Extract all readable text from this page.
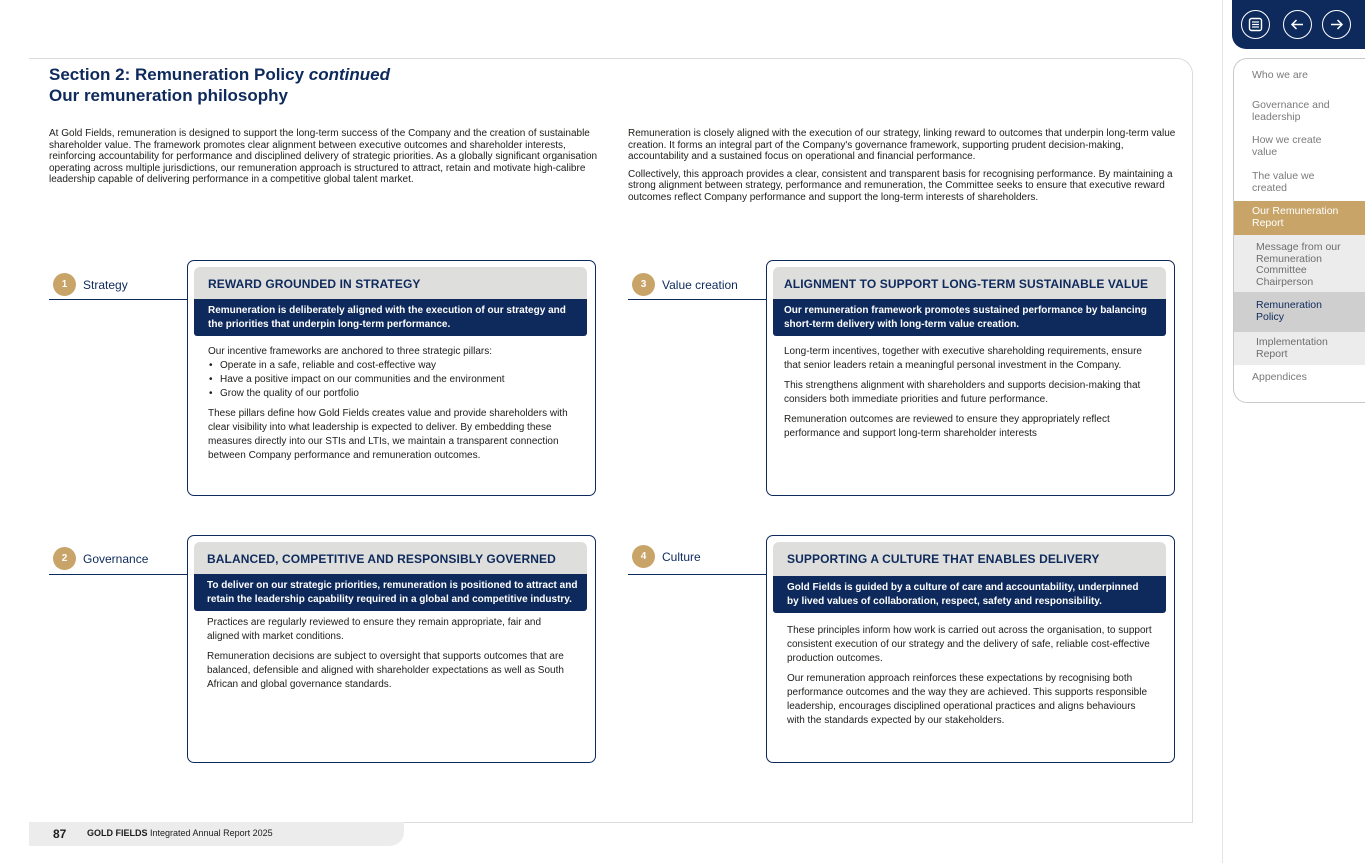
Section 2: Remuneration Policy continued
Our remuneration philosophy

At Gold Fields, remuneration is designed to support the long-term success of the Company and the creation of sustainable shareholder value. The framework promotes clear alignment between executive outcomes and shareholder interests, reinforcing accountability for performance and disciplined delivery of strategic priorities. As a globally significant organisation operating across multiple jurisdictions, our remuneration approach is structured to attract, retain and motivate high-calibre leadership capable of delivering performance in a competitive global talent market.

Remuneration is closely aligned with the execution of our strategy, linking reward to outcomes that underpin long-term value creation. It forms an integral part of the Company's governance framework, supporting prudent decision-making, accountability and a sustained focus on operational and financial performance.

Collectively, this approach provides a clear, consistent and transparent basis for recognising performance. By maintaining a strong alignment between strategy, performance and remuneration, the Committee seeks to ensure that executive reward outcomes reflect Company performance and support the long-term interests of shareholders.

1	Strategy	REWARD GROUNDED IN STRATEGY
Remuneration is deliberately aligned with the execution of our strategy and the priorities that underpin long-term performance.
Our incentive frameworks are anchored to three strategic pillars:
• Operate in a safe, reliable and cost-effective way
• Have a positive impact on our communities and the environment
• Grow the quality of our portfolio

These pillars define how Gold Fields creates value and provide shareholders with clear visibility into what leadership is expected to deliver. By embedding these measures directly into our STIs and LTIs, we maintain a transparent connection between Company performance and remuneration outcomes.

2	Governance	BALANCED, COMPETITIVE AND RESPONSIBLY GOVERNED
To deliver on our strategic priorities, remuneration is positioned to attract and retain the leadership capability required in a global and competitive industry.

Practices are regularly reviewed to ensure they remain appropriate, fair and aligned with market conditions.

Remuneration decisions are subject to oversight that supports outcomes that are balanced, defensible and aligned with shareholder expectations as well as South African and global governance standards.

3	Value creation	ALIGNMENT TO SUPPORT LONG-TERM SUSTAINABLE VALUE
Our remuneration framework promotes sustained performance by balancing short-term delivery with long-term value creation.

Long-term incentives, together with executive shareholding requirements, ensure that senior leaders retain a meaningful personal investment in the Company.

This strengthens alignment with shareholders and supports decision-making that considers both immediate priorities and future performance.

Remuneration outcomes are reviewed to ensure they appropriately reflect performance and support long-term shareholder interests

4	Culture	SUPPORTING A CULTURE THAT ENABLES DELIVERY
Gold Fields is guided by a culture of care and accountability, underpinned by lived values of collaboration, respect, safety and responsibility.

These principles inform how work is carried out across the organisation, to support consistent execution of our strategy and the delivery of safe, reliable cost-effective production outcomes.

Our remuneration approach reinforces these expectations by recognising both performance outcomes and the way they are achieved. This supports responsible leadership, encourages disciplined operational practices and aligns behaviours with the standards expected by our stakeholders.

87 GOLD FIELDS Integrated Annual Report 2025
Who we are
Governance and leadership
How we create value
The value we created
Our Remuneration Report
Message from our Remuneration Committee Chairperson
Remuneration Policy
Implementation Report
Appendices
